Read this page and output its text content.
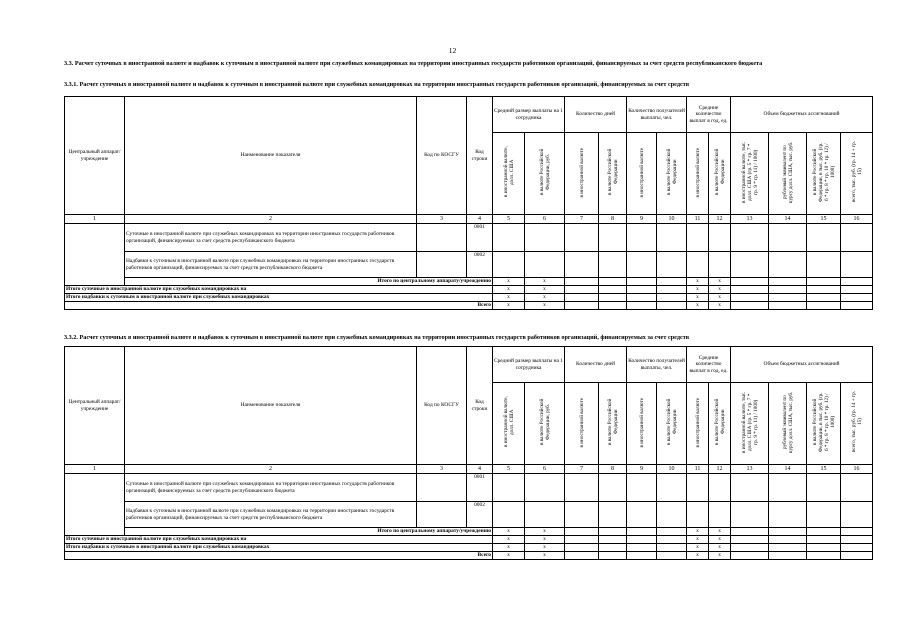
12
3.3. Расчет суточных в иностранной валюте и надбавок к суточным в иностранной валюте при служебных командировках на территории иностранных государств работников организаций, финансируемых за счет средств республиканского бюджета
3.3.1. Расчет суточных в иностранной валюте и надбавок к суточным в иностранной валюте при служебных командировках на территории иностранных государств работников организаций, финансируемых за счет средств
Центральный аппарат/ учреждение	Наименование показателя	Код по КОСГУ	Код строки	Средний размер выплаты на 1 сотрудника		Количество дней		Количество получателей выплаты, чел.		Средние количество выплат в год, ед.		Объем бюджетных ассигнований			
				в иностранной валюте, долл. США	в валюте Российской Федерации, руб.	в иностранной валюте	в валюте Российской Федерации	в иностранной валюте	в валюте Российской Федерации	в иностранной валюте	в валюте Российской Федерации	в иностранной валюте, тыс. долл. США (гр. 5 * гр. 7 * гр. 9 * гр. 11) / 1000)	рублевый эквивалент по курсу долл. США, тыс. руб.	в валюте Российской Федерации, в тыс. руб. (гр. 6 * гр. 8 * гр. 10 * гр. 12) / 1000)	всего, тыс. руб. (гр. 14 + гр. 15)
1	2	3	4	5	6	7	8	9	10	11	12	13	14	15	16
	Суточные в иностранной валюте при служебных командировках на территории иностранных государств работников организаций, финансируемых за счет средств республиканского бюджета		0001												
	Надбавки к суточным в иностранной валюте при служебных командировках на территории иностранных государств работников организаций, финансируемых за счет средств республиканского бюджета		0002												
	Итого по центральному аппарату/учреждению			x	x					x	x				
Итого суточные в иностранной валюте при служебных командировках на				x	x					x	x				
Итого надбавки к суточным в иностранной валюте при служебных командировках				x	x					x	x				
Всего				x	x					x	x				
3.3.2. Расчет суточных в иностранной валюте и надбавок к суточным в иностранной валюте при служебных командировках на территории иностранных государств работников организаций, финансируемых за счет средств
Центральный аппарат/ учреждение	Наименование показателя	Код по КОСГУ	Код строки	Средний размер выплаты на 1 сотрудника		Количество дней		Количество получателей выплаты, чел.		Средние количество выплат в год, ед.		Объем бюджетных ассигнований			
				в иностранной валюте, долл. США	в валюте Российской Федерации, руб.	в иностранной валюте	в валюте Российской Федерации	в иностранной валюте	в валюте Российской Федерации	в иностранной валюте	в валюте Российской Федерации	в иностранной валюте, тыс. долл. США (гр. 5 * гр. 7 * гр. 9 * гр. 11) / 1000)	рублевый эквивалент по курсу долл. США, тыс. руб.	в валюте Российской Федерации, в тыс. руб. (гр. 6 * гр. 8 * гр. 10 * гр. 12) / 1000)	всего, тыс. руб. (гр. 14 + гр. 15)
1	2	3	4	5	6	7	8	9	10	11	12	13	14	15	16
	Суточные в иностранной валюте при служебных командировках на территории иностранных государств работников организаций, финансируемых за счет средств республиканского бюджета		0001												
	Надбавки к суточным в иностранной валюте при служебных командировках на территории иностранных государств работников организаций, финансируемых за счет средств республиканского бюджета		0002												
	Итого по центральному аппарату/учреждению			x	x					x	x				
Итого суточные в иностранной валюте при служебных командировках на				x	x					x	x				
Итого надбавки к суточным в иностранной валюте при служебных командировках				x	x					x	x				
Всего				x	x					x	x				
